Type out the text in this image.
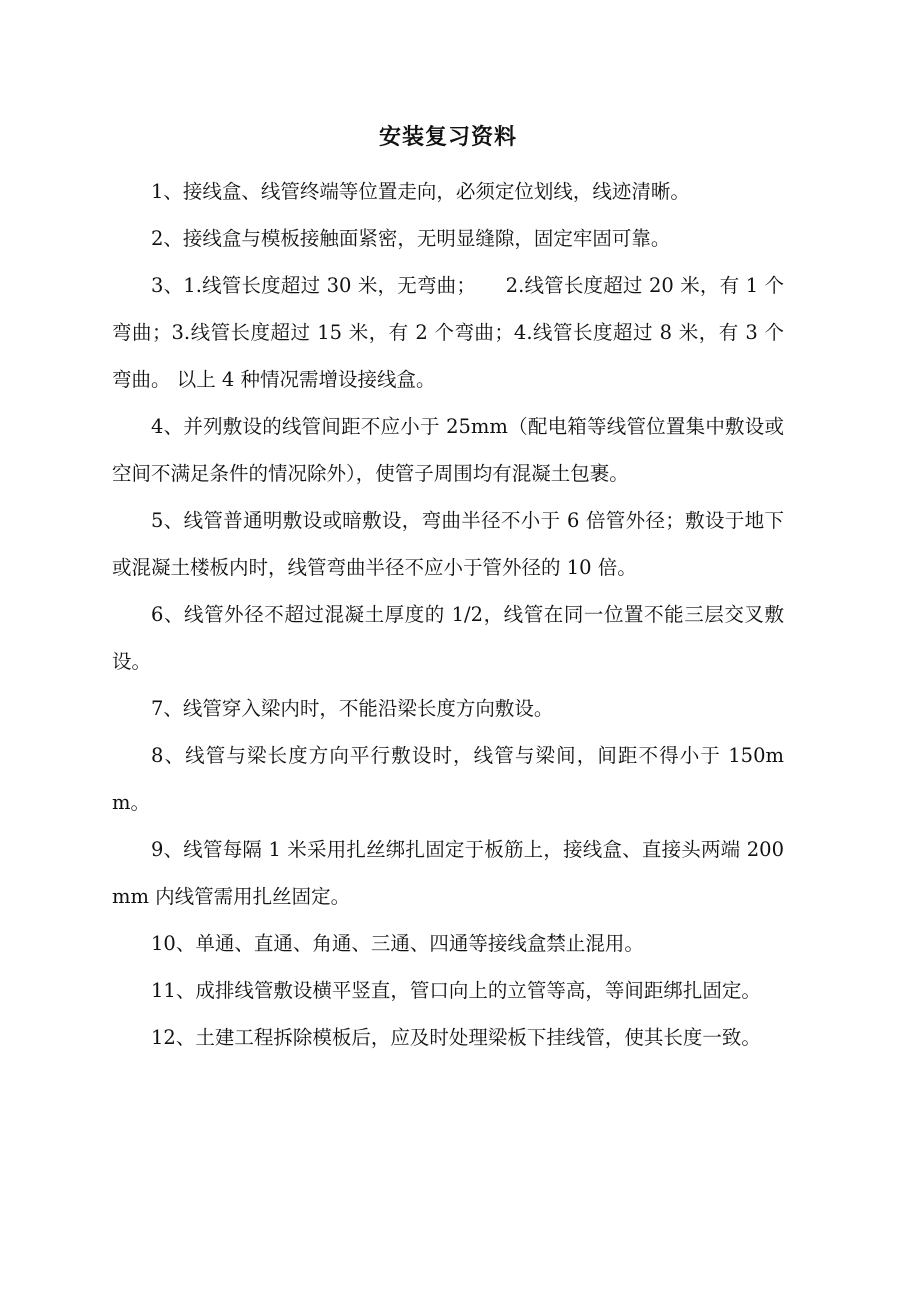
安装复习资料

1、接线盒、线管终端等位置走向，必须定位划线，线迹清晰。

2、接线盒与模板接触面紧密，无明显缝隙，固定牢固可靠。

3、1.线管长度超过 30 米，无弯曲；　　2.线管长度超过 20 米，有 1 个弯曲；3.线管长度超过 15 米，有 2 个弯曲；4.线管长度超过 8 米，有 3 个弯曲。 以上 4 种情况需增设接线盒。

4、并列敷设的线管间距不应小于 25mm（配电箱等线管位置集中敷设或空间不满足条件的情况除外），使管子周围均有混凝土包裹。

5、线管普通明敷设或暗敷设，弯曲半径不小于 6 倍管外径；敷设于地下或混凝土楼板内时，线管弯曲半径不应小于管外径的 10 倍。

6、线管外径不超过混凝土厚度的 1/2，线管在同一位置不能三层交叉敷设。

7、线管穿入梁内时，不能沿梁长度方向敷设。

8、线管与梁长度方向平行敷设时，线管与梁间，间距不得小于 150mm。

9、线管每隔 1 米采用扎丝绑扎固定于板筋上，接线盒、直接头两端 200mm 内线管需用扎丝固定。

10、单通、直通、角通、三通、四通等接线盒禁止混用。

11、成排线管敷设横平竖直，管口向上的立管等高，等间距绑扎固定。

12、土建工程拆除模板后，应及时处理梁板下挂线管，使其长度一致。
